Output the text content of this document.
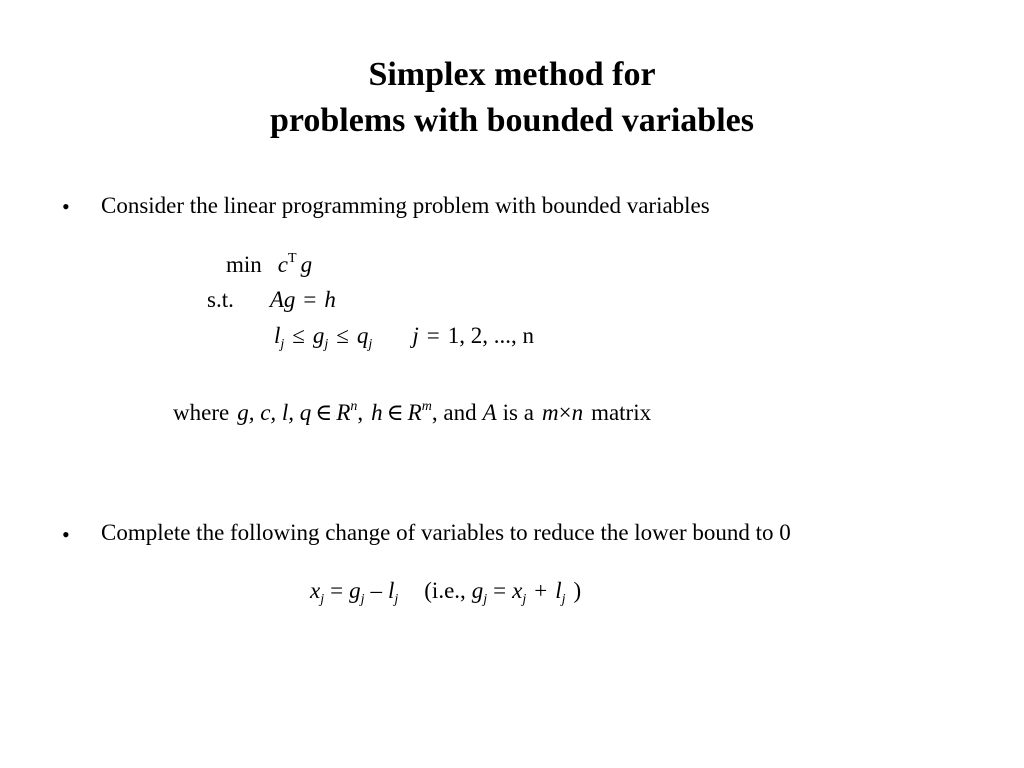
Simplex method for
problems with bounded variables
• Consider the linear programming problem with bounded variables
$\min c^T$ g
s.t. Ag = h
$l_j \le g_j \le q_j$ j = 1, 2, ..., n
where g, c, l, q ∈ $R^n$, h ∈ $R^m$, and A is a m×n matrix
• Complete the following change of variables to reduce the lower bound to 0
$x_j = g_j - l_j$ (i.e., $g_j = x_j + l_j$ )
